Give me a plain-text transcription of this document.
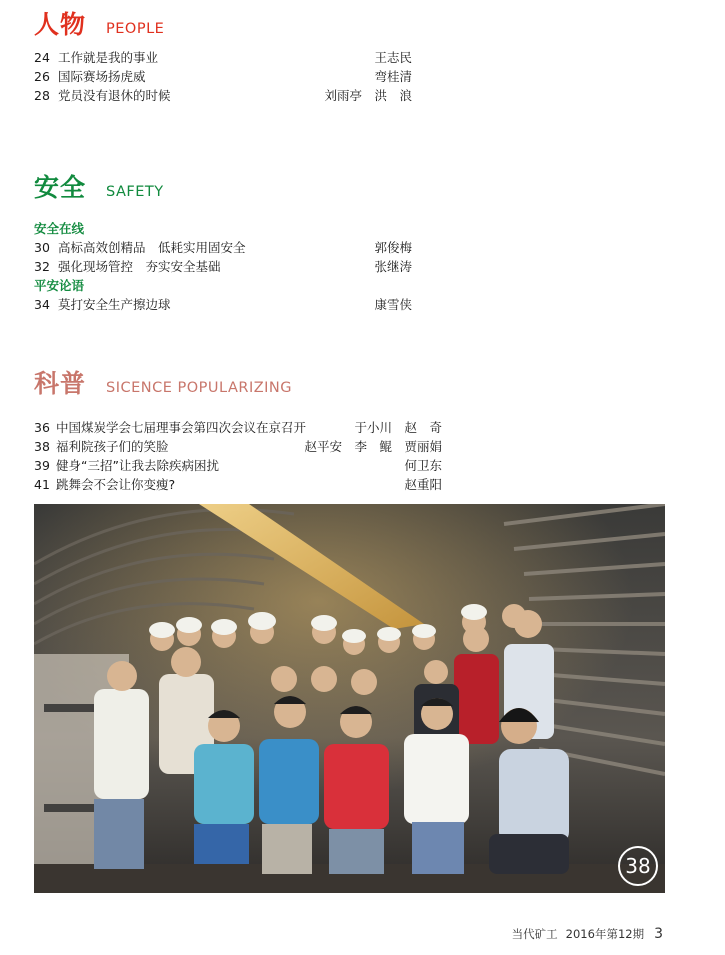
人物 PEOPLE
24 工作就是我的事业	王志民
26 国际赛场扬虎威	弯桂清
28 党员没有退休的时候	刘雨亭　洪　浪
安全 SAFETY
安全在线
30 高标高效创精品　低耗实用固安全	郭俊梅
32 强化现场管控　夯实安全基础	张继涛
平安论语
34 莫打安全生产擦边球	康雪侠
科普 SICENCE POPULARIZING
36 中国煤炭学会七届理事会第四次会议在京召开	于小川　赵　奇
38 福利院孩子们的笑脸	赵平安　李　鲲　贾丽娟
39 健身“三招”让我去除疾病困扰	何卫东
41 跳舞会不会让你变瘦?	赵重阳
38
当代矿工 2016年第12期 3
